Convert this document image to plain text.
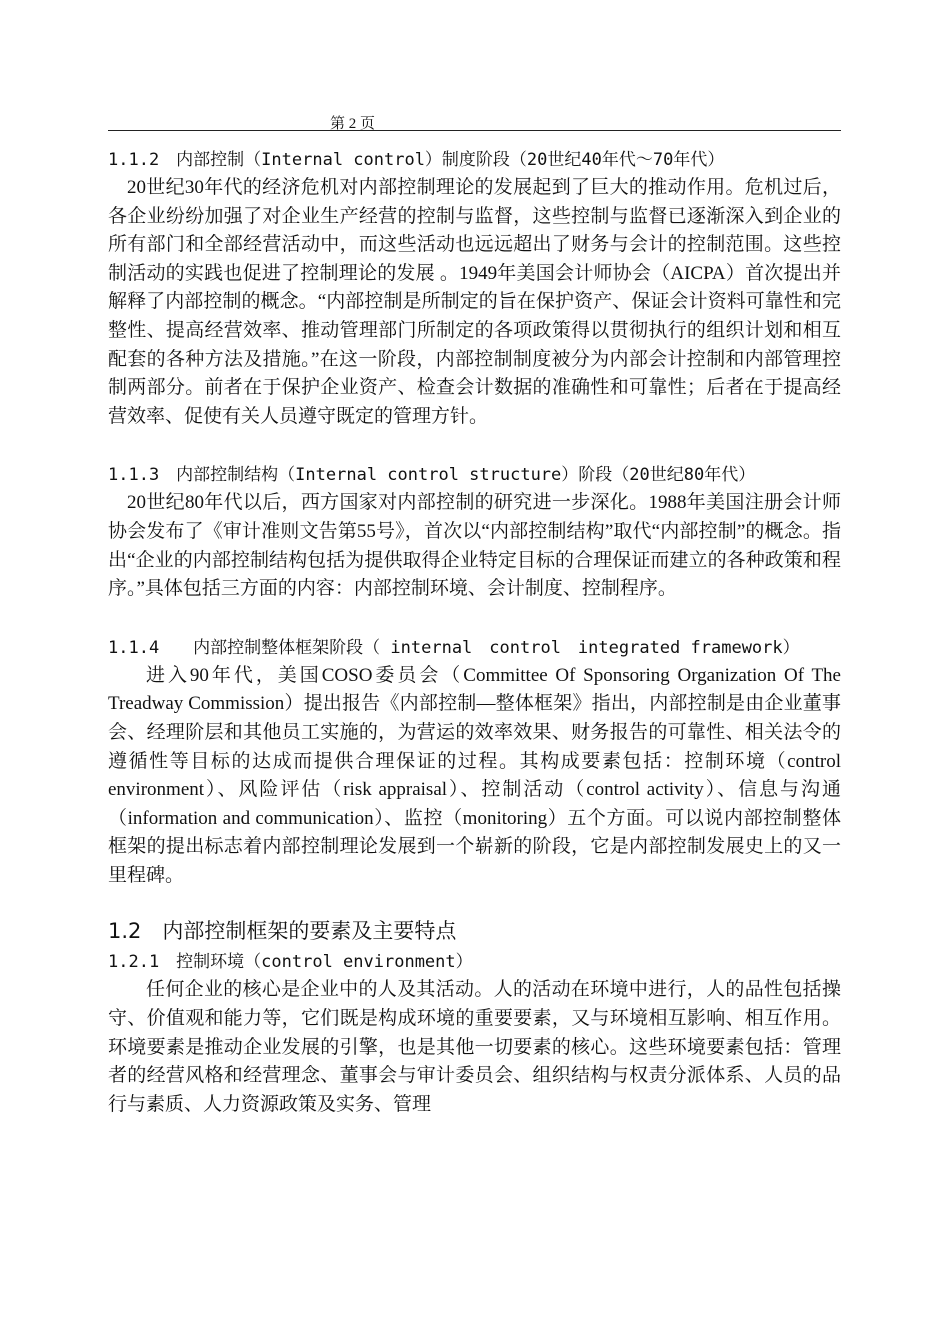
第 2 页

1.1.2　内部控制（Internal control）制度阶段（20世纪40年代～70年代）

20世纪30年代的经济危机对内部控制理论的发展起到了巨大的推动作用。危机过后，各企业纷纷加强了对企业生产经营的控制与监督，这些控制与监督已逐渐深入到企业的所有部门和全部经营活动中，而这些活动也远远超出了财务与会计的控制范围。这些控制活动的实践也促进了控制理论的发展 。1949年美国会计师协会（AICPA）首次提出并解释了内部控制的概念。“内部控制是所制定的旨在保护资产、保证会计资料可靠性和完整性、提高经营效率、推动管理部门所制定的各项政策得以贯彻执行的组织计划和相互配套的各种方法及措施。”在这一阶段，内部控制制度被分为内部会计控制和内部管理控制两部分。前者在于保护企业资产、检查会计数据的准确性和可靠性；后者在于提高经营效率、促使有关人员遵守既定的管理方针。

1.1.3　内部控制结构（Internal control structure）阶段（20世纪80年代）

20世纪80年代以后，西方国家对内部控制的研究进一步深化。1988年美国注册会计师协会发布了《审计准则文告第55号》，首次以“内部控制结构”取代“内部控制”的概念。指出“企业的内部控制结构包括为提供取得企业特定目标的合理保证而建立的各种政策和程序。”具体包括三方面的内容：内部控制环境、会计制度、控制程序。

1.1.4　　内部控制整体框架阶段（ internal　control　integrated framework）

进入90年代，美国COSO委员会（Committee Of Sponsoring Organization Of The Treadway Commission）提出报告《内部控制—整体框架》指出，内部控制是由企业董事会、经理阶层和其他员工实施的，为营运的效率效果、财务报告的可靠性、相关法令的遵循性等目标的达成而提供合理保证的过程。其构成要素包括：控制环境（control environment）、风险评估（risk appraisal）、控制活动（control activity）、信息与沟通（information and communication）、监控（monitoring）五个方面。可以说内部控制整体框架的提出标志着内部控制理论发展到一个崭新的阶段，它是内部控制发展史上的又一里程碑。

1.2　内部控制框架的要素及主要特点

1.2.1　控制环境（control environment）

任何企业的核心是企业中的人及其活动。人的活动在环境中进行，人的品性包括操守、价值观和能力等，它们既是构成环境的重要要素，又与环境相互影响、相互作用。环境要素是推动企业发展的引擎，也是其他一切要素的核心。这些环境要素包括：管理者的经营风格和经营理念、董事会与审计委员会、组织结构与权责分派体系、人员的品行与素质、人力资源政策及实务、管理
